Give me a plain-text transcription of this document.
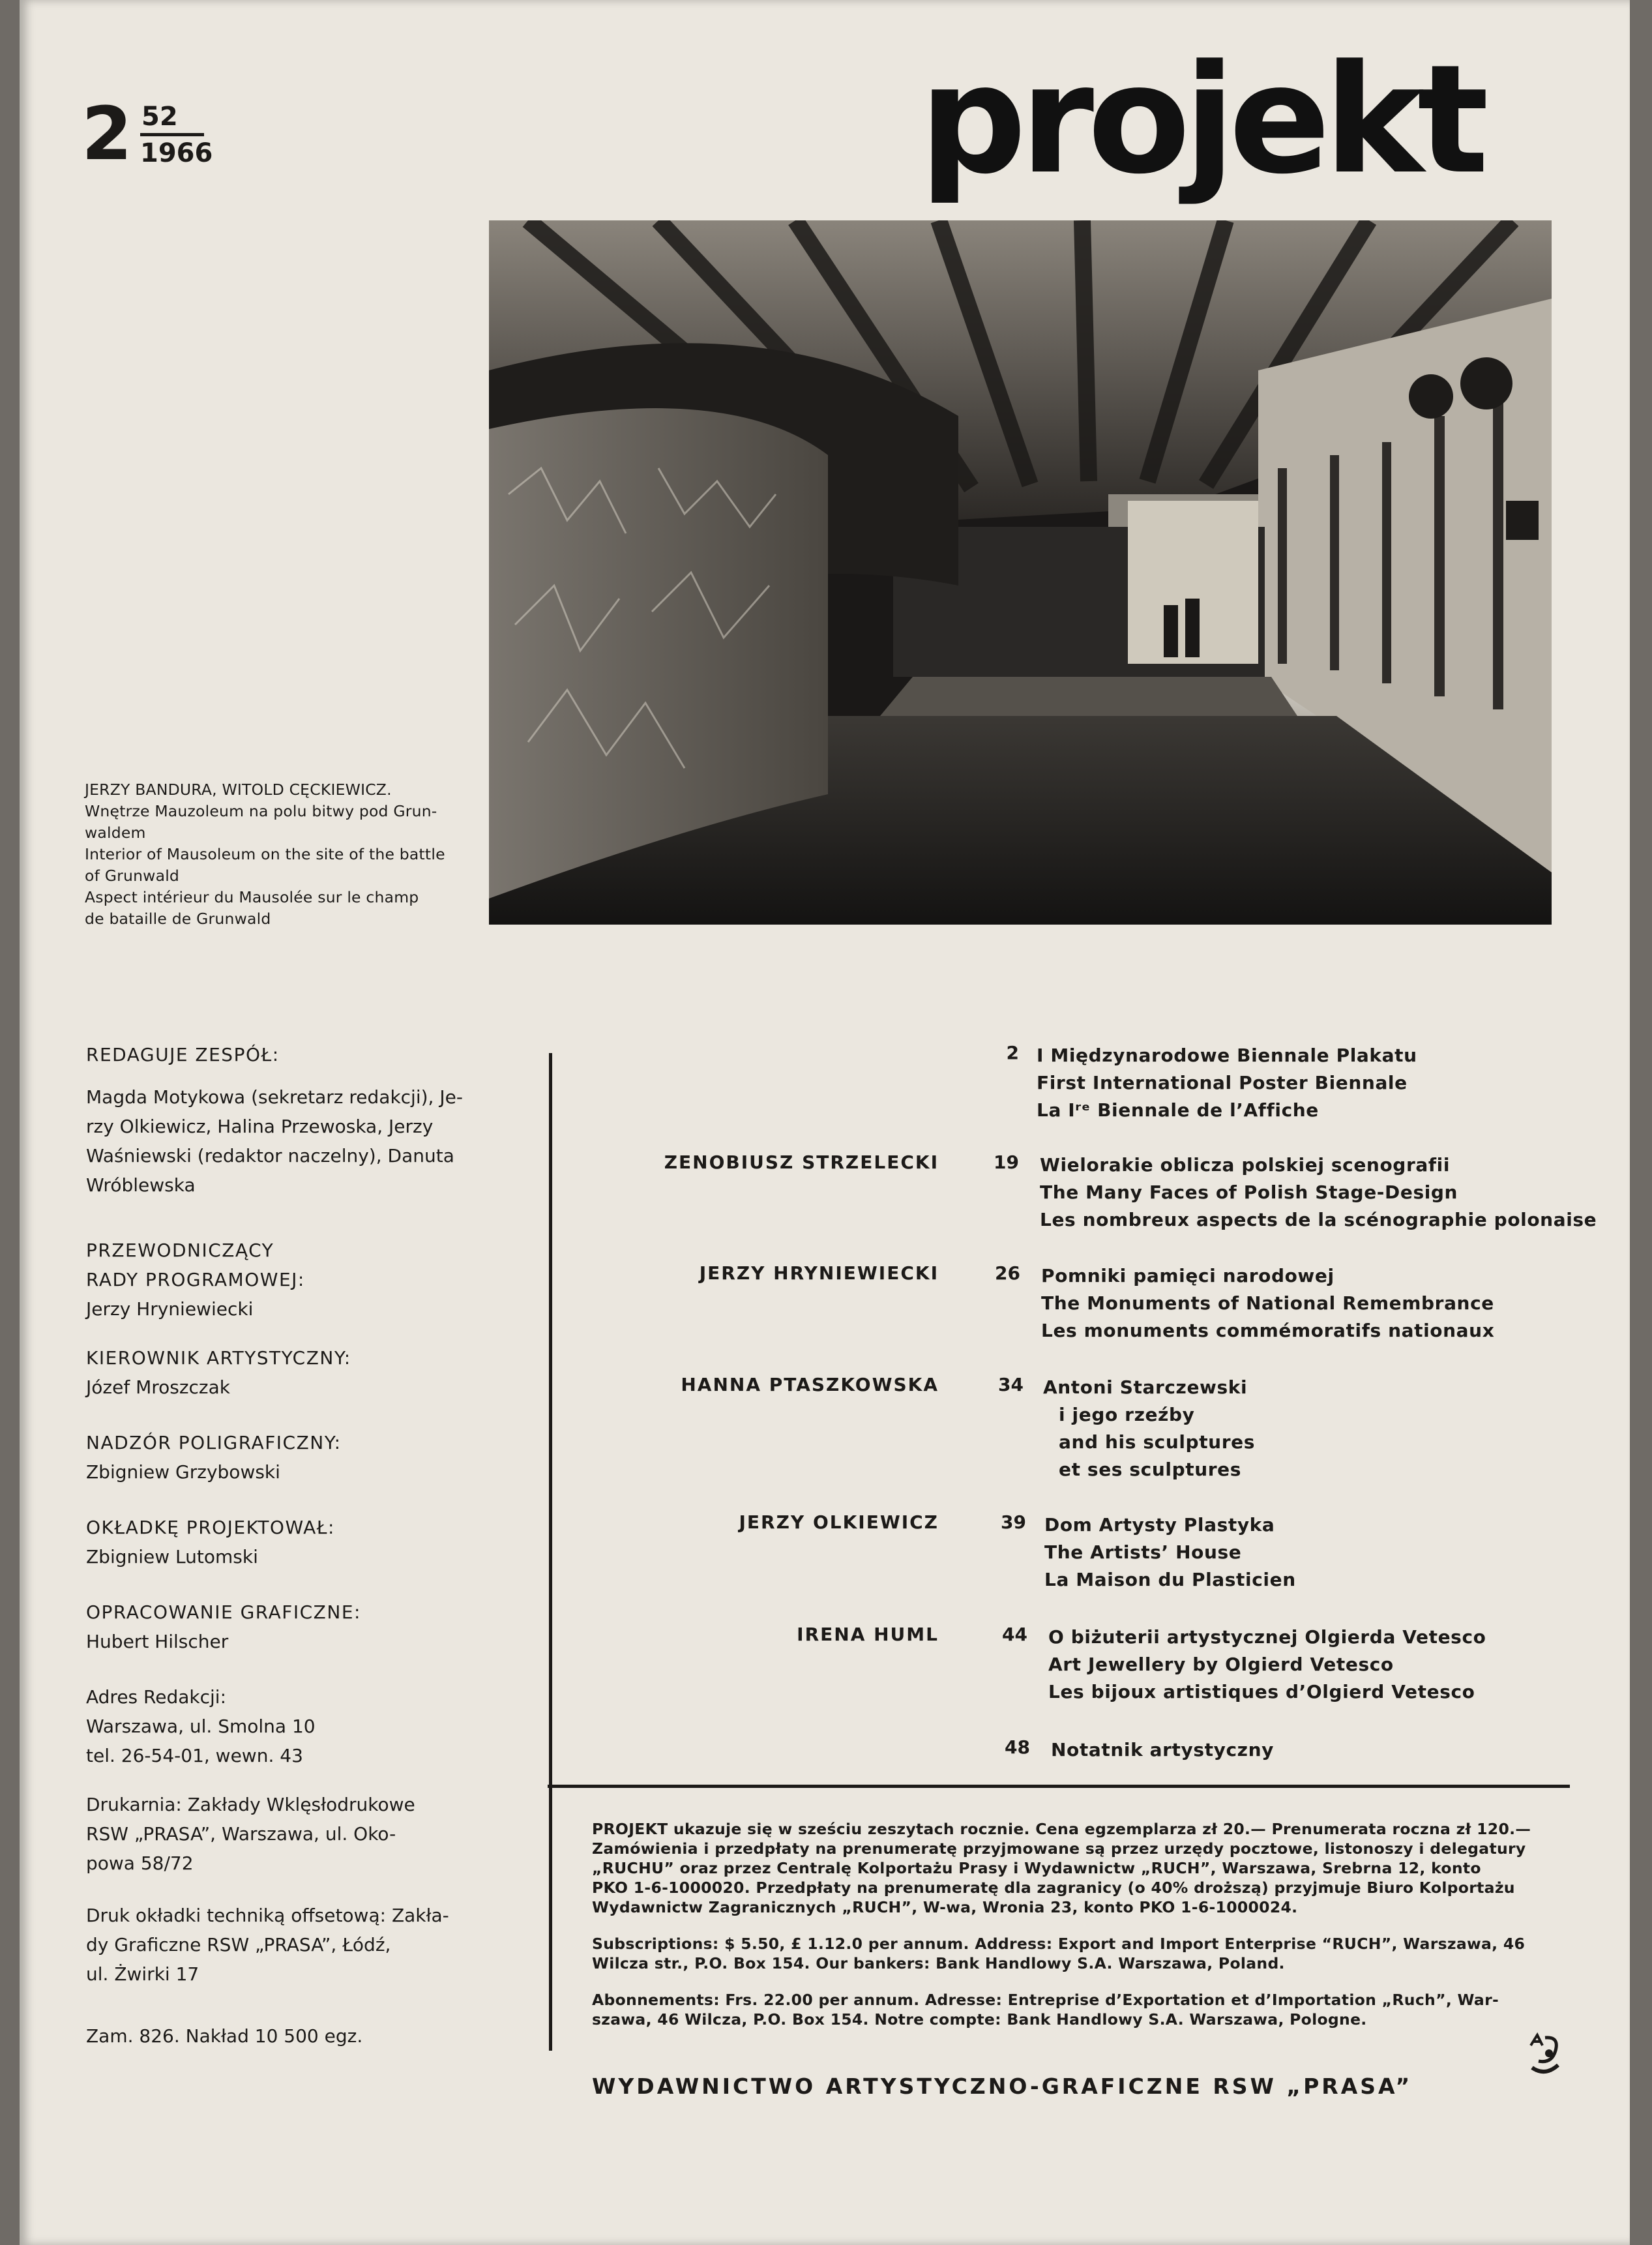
2 52
1966	projekt
JERZY BANDURA, WITOLD CĘCKIEWICZ.
Wnętrze Mauzoleum na polu bitwy pod Grun-
waldem
Interior of Mausoleum on the site of the battle
of Grunwald
Aspect intérieur du Mausolée sur le champ
de bataille de Grunwald
REDAGUJE ZESPÓŁ:
Magda Motykowa (sekretarz redakcji), Je-
rzy Olkiewicz, Halina Przewoska, Jerzy
Waśniewski (redaktor naczelny), Danuta
Wróblewska
PRZEWODNICZĄCY
RADY PROGRAMOWEJ:
Jerzy Hryniewiecki
KIEROWNIK ARTYSTYCZNY:
Józef Mroszczak
NADZÓR POLIGRAFICZNY:
Zbigniew Grzybowski
OKŁADKĘ PROJEKTOWAŁ:
Zbigniew Lutomski
OPRACOWANIE GRAFICZNE:
Hubert Hilscher
Adres Redakcji:
Warszawa, ul. Smolna 10
tel. 26-54-01, wewn. 43
Drukarnia: Zakłady Wklęsłodrukowe
RSW „PRASA”, Warszawa, ul. Oko-
powa 58/72
Druk okładki techniką offsetową: Zakła-
dy Graficzne RSW „PRASA”, Łódź,
ul. Żwirki 17
Zam. 826. Nakład 10 500 egz.
2 I Międzynarodowe Biennale Plakatu
First International Poster Biennale
La Iʳᵉ Biennale de l’Affiche
ZENOBIUSZ STRZELECKI	19 Wielorakie oblicza polskiej scenografii
The Many Faces of Polish Stage-Design
Les nombreux aspects de la scénographie polonaise
JERZY HRYNIEWIECKI	26 Pomniki pamięci narodowej
The Monuments of National Remembrance
Les monuments commémoratifs nationaux
HANNA PTASZKOWSKA	34 Antoni Starczewski
i jego rzeźby
and his sculptures
et ses sculptures
JERZY OLKIEWICZ	39 Dom Artysty Plastyka
The Artists’ House
La Maison du Plasticien
IRENA HUML	44 O biżuterii artystycznej Olgierda Vetesco
Art Jewellery by Olgierd Vetesco
Les bijoux artistiques d’Olgierd Vetesco
48 Notatnik artystyczny

PROJEKT ukazuje się w sześciu zeszytach rocznie. Cena egzemplarza zł 20.— Prenumerata roczna zł 120.—
Zamówienia i przedpłaty na prenumeratę przyjmowane są przez urzędy pocztowe, listonoszy i delegatury
„RUCHU” oraz przez Centralę Kolportażu Prasy i Wydawnictw „RUCH”, Warszawa, Srebrna 12, konto
PKO 1-6-1000020. Przedpłaty na prenumeratę dla zagranicy (o 40% droższą) przyjmuje Biuro Kolportażu
Wydawnictw Zagranicznych „RUCH”, W-wa, Wronia 23, konto PKO 1-6-1000024.

Subscriptions: $ 5.50, £ 1.12.0 per annum. Address: Export and Import Enterprise “RUCH”, Warszawa, 46
Wilcza str., P.O. Box 154. Our bankers: Bank Handlowy S.A. Warszawa, Poland.

Abonnements: Frs. 22.00 per annum. Adresse: Entreprise d’Exportation et d’Importation „Ruch”, War-
szawa, 46 Wilcza, P.O. Box 154. Notre compte: Bank Handlowy S.A. Warszawa, Pologne.

WYDAWNICTWO ARTYSTYCZNO-GRAFICZNE RSW „PRASA”
